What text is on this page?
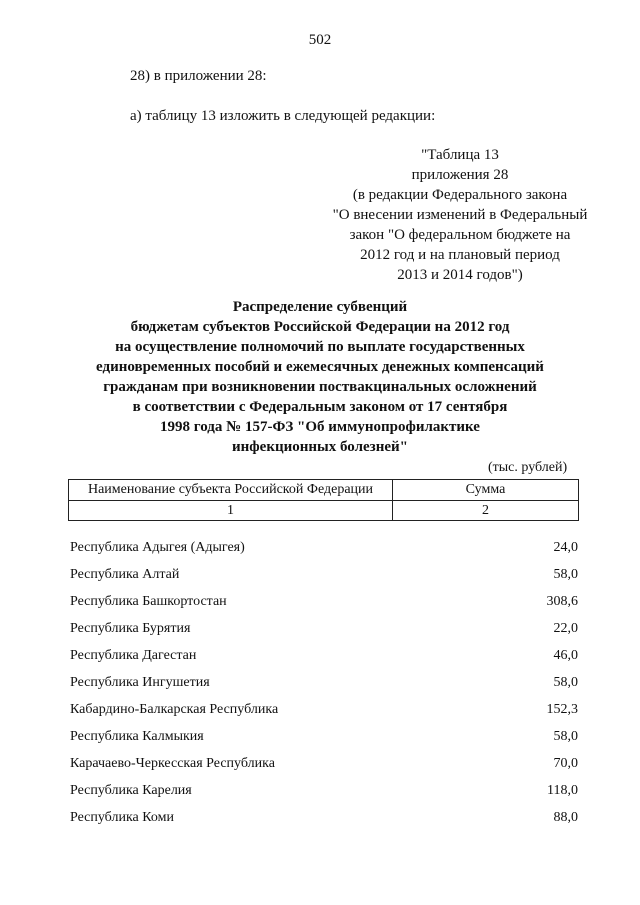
502
28) в приложении 28:
а) таблицу 13 изложить в следующей редакции:
"Таблица 13
приложения 28
(в редакции Федерального закона
"О внесении изменений в Федеральный
закон "О федеральном бюджете на
2012 год и на плановый период
2013 и 2014 годов")
Распределение субвенций
бюджетам субъектов Российской Федерации на 2012 год
на осуществление полномочий по выплате государственных
единовременных пособий и ежемесячных денежных компенсаций
гражданам при возникновении поствакцинальных осложнений
в соответствии с Федеральным законом от 17 сентября
1998 года № 157-ФЗ "Об иммунопрофилактике
инфекционных болезней"
(тыс. рублей)
Наименование субъекта Российской Федерации	Сумма
1	2
Республика Адыгея (Адыгея)	24,0
Республика Алтай	58,0
Республика Башкортостан	308,6
Республика Бурятия	22,0
Республика Дагестан	46,0
Республика Ингушетия	58,0
Кабардино-Балкарская Республика	152,3
Республика Калмыкия	58,0
Карачаево-Черкесская Республика	70,0
Республика Карелия	118,0
Республика Коми	88,0
